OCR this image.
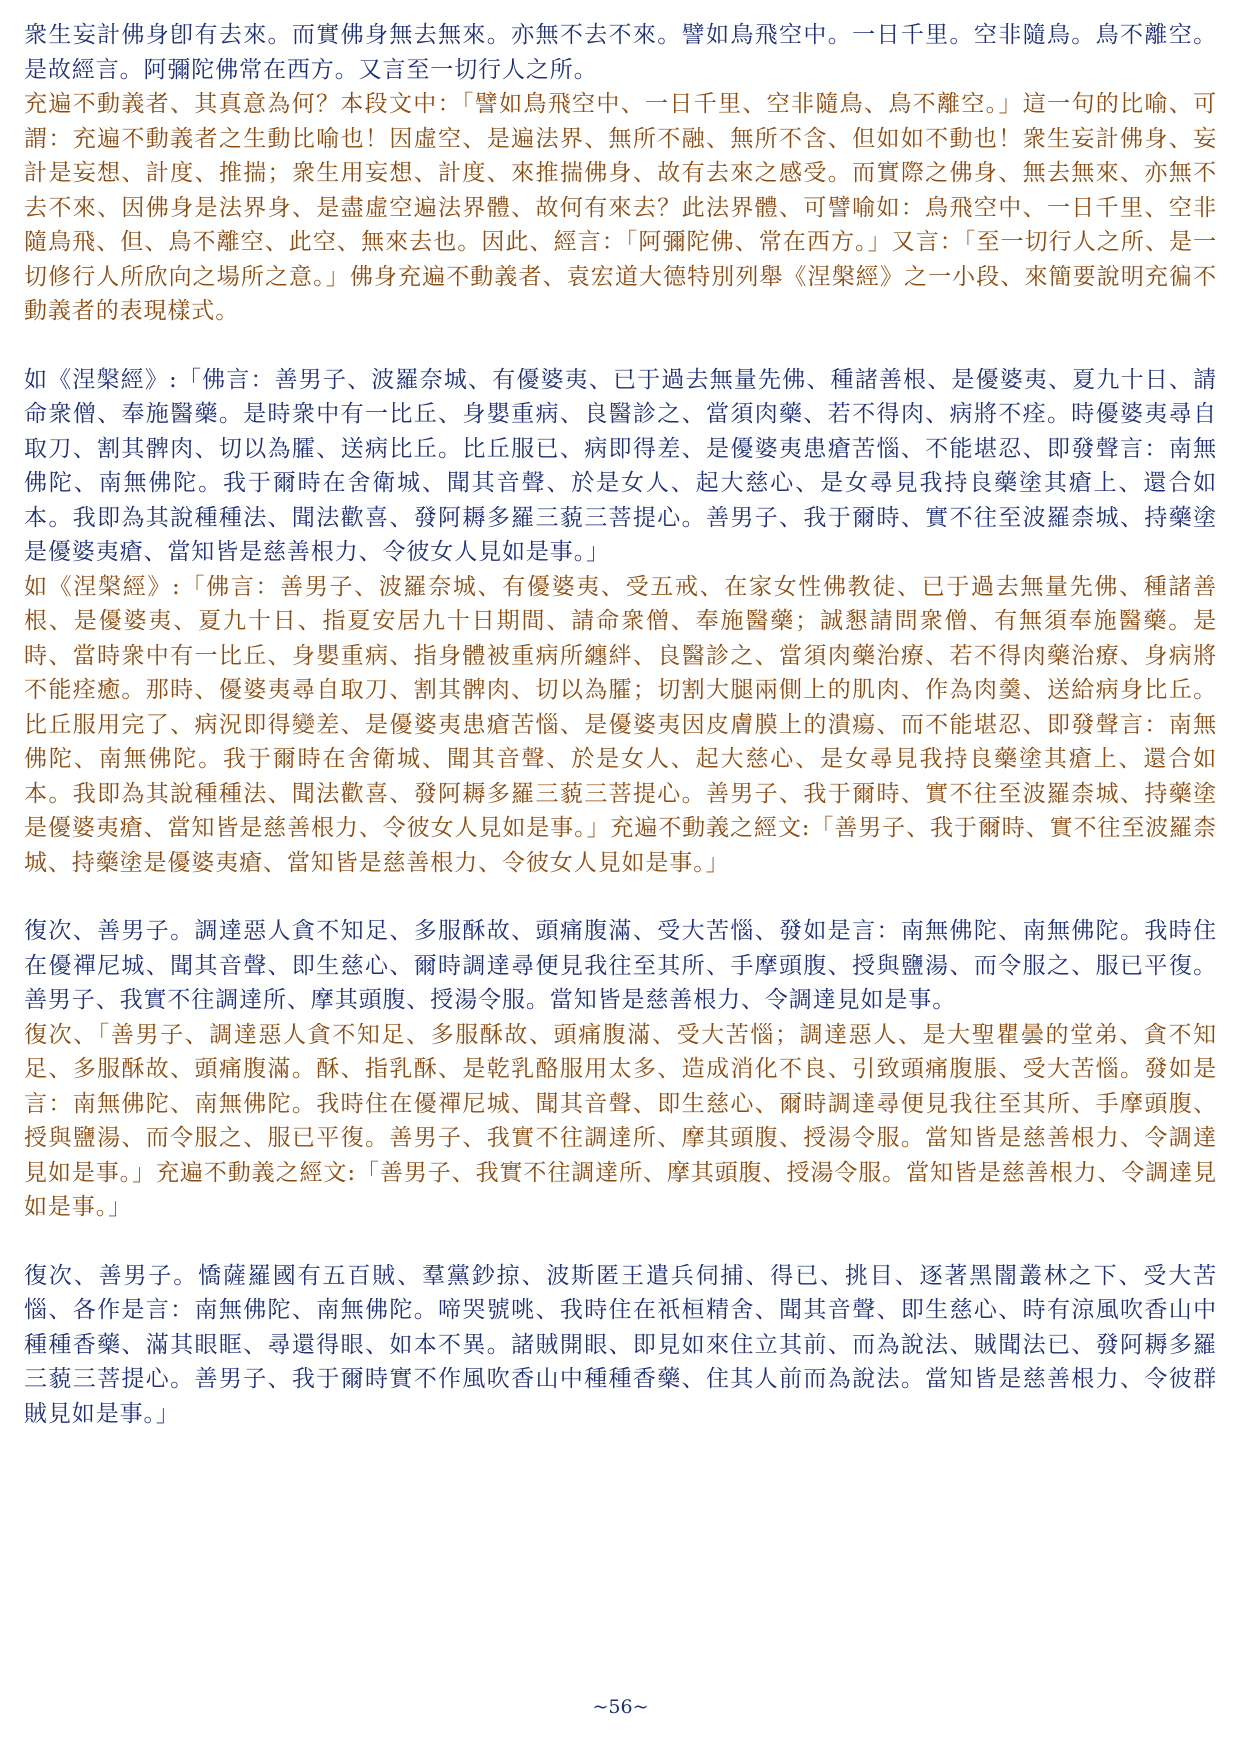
衆生妄計佛身卽有去來。而實佛身無去無來。亦無不去不來。譬如鳥飛空中。一日千里。空非隨鳥。鳥不離空。是故經言。阿彌陀佛常在西方。又言至一切行人之所。

充遍不動義者、其真意為何？本段文中：「譬如鳥飛空中、一日千里、空非隨鳥、鳥不離空。」這一句的比喻、可謂：充遍不動義者之生動比喻也！因虛空、是遍法界、無所不融、無所不含、但如如不動也！衆生妄計佛身、妄計是妄想、計度、推揣；衆生用妄想、計度、來推揣佛身、故有去來之感受。而實際之佛身、無去無來、亦無不去不來、因佛身是法界身、是盡虛空遍法界體、故何有來去？此法界體、可譬喻如：鳥飛空中、一日千里、空非隨鳥飛、但、鳥不離空、此空、無來去也。因此、經言：「阿彌陀佛、常在西方。」又言：「至一切行人之所、是一切修行人所欣向之場所之意。」佛身充遍不動義者、袁宏道大德特別列舉《涅槃經》之一小段、來簡要說明充徧不動義者的表現樣式。

如《涅槃經》:「佛言：善男子、波羅奈城、有優婆夷、已于過去無量先佛、種諸善根、是優婆夷、夏九十日、請命衆僧、奉施醫藥。是時衆中有一比丘、身嬰重病、良醫診之、當須肉藥、若不得肉、病將不痊。時優婆夷尋自取刀、割其髀肉、切以為臛、送病比丘。比丘服已、病即得差、是優婆夷患瘡苦惱、不能堪忍、即發聲言：南無佛陀、南無佛陀。我于爾時在舍衛城、聞其音聲、於是女人、起大慈心、是女尋見我持良藥塗其瘡上、還合如本。我即為其說種種法、聞法歡喜、發阿耨多羅三藐三菩提心。善男子、我于爾時、實不往至波羅柰城、持藥塗是優婆夷瘡、當知皆是慈善根力、令彼女人見如是事。」

如《涅槃經》:「佛言：善男子、波羅奈城、有優婆夷、受五戒、在家女性佛教徒、已于過去無量先佛、種諸善根、是優婆夷、夏九十日、指夏安居九十日期間、請命衆僧、奉施醫藥；誠懇請問衆僧、有無須奉施醫藥。是時、當時衆中有一比丘、身嬰重病、指身體被重病所纏絆、良醫診之、當須肉藥治療、若不得肉藥治療、身病將不能痊癒。那時、優婆夷尋自取刀、割其髀肉、切以為臛；切割大腿兩側上的肌肉、作為肉羹、送給病身比丘。比丘服用完了、病況即得變差、是優婆夷患瘡苦惱、是優婆夷因皮膚膜上的潰瘍、而不能堪忍、即發聲言：南無佛陀、南無佛陀。我于爾時在舍衛城、聞其音聲、於是女人、起大慈心、是女尋見我持良藥塗其瘡上、還合如本。我即為其說種種法、聞法歡喜、發阿耨多羅三藐三菩提心。善男子、我于爾時、實不往至波羅柰城、持藥塗是優婆夷瘡、當知皆是慈善根力、令彼女人見如是事。」充遍不動義之經文:「善男子、我于爾時、實不往至波羅柰城、持藥塗是優婆夷瘡、當知皆是慈善根力、令彼女人見如是事。」

復次、善男子。調達惡人貪不知足、多服酥故、頭痛腹滿、受大苦惱、發如是言：南無佛陀、南無佛陀。我時住在優禪尼城、聞其音聲、即生慈心、爾時調達尋便見我往至其所、手摩頭腹、授與鹽湯、而令服之、服已平復。善男子、我實不往調達所、摩其頭腹、授湯令服。當知皆是慈善根力、令調達見如是事。

復次、「善男子、調達惡人貪不知足、多服酥故、頭痛腹滿、受大苦惱；調達惡人、是大聖瞿曇的堂弟、貪不知足、多服酥故、頭痛腹滿。酥、指乳酥、是乾乳酪服用太多、造成消化不良、引致頭痛腹脹、受大苦惱。發如是言：南無佛陀、南無佛陀。我時住在優禪尼城、聞其音聲、即生慈心、爾時調達尋便見我往至其所、手摩頭腹、授與鹽湯、而令服之、服已平復。善男子、我實不往調達所、摩其頭腹、授湯令服。當知皆是慈善根力、令調達見如是事。」充遍不動義之經文:「善男子、我實不往調達所、摩其頭腹、授湯令服。當知皆是慈善根力、令調達見如是事。」

復次、善男子。憍薩羅國有五百賊、羣黨鈔掠、波斯匿王遣兵伺捕、得已、挑目、逐著黑闇叢林之下、受大苦惱、各作是言：南無佛陀、南無佛陀。啼哭號咷、我時住在祇桓精舍、聞其音聲、即生慈心、時有涼風吹香山中種種香藥、滿其眼眶、尋還得眼、如本不異。諸賊開眼、即見如來住立其前、而為說法、賊聞法已、發阿耨多羅三藐三菩提心。善男子、我于爾時實不作風吹香山中種種香藥、住其人前而為說法。當知皆是慈善根力、令彼群賊見如是事。」

~56~
